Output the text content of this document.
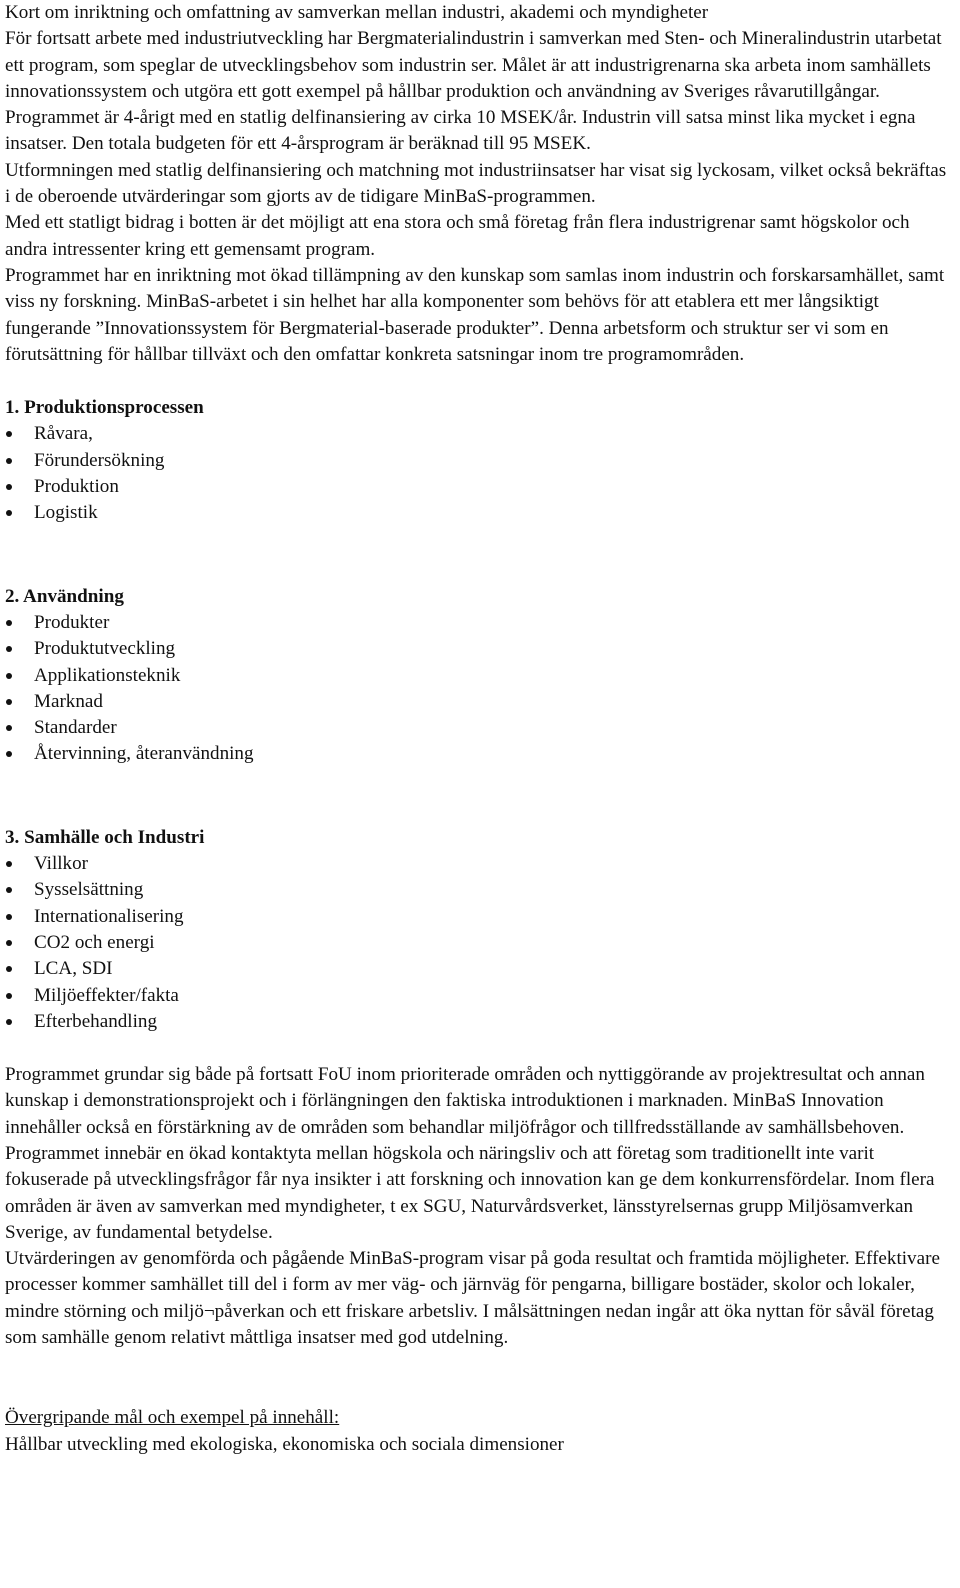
Kort om inriktning och omfattning av samverkan mellan industri, akademi och myndigheter

För fortsatt arbete med industriutveckling har Bergmaterialindustrin i samverkan med Sten- och Mineralindustrin utarbetat ett program, som speglar de utvecklingsbehov som industrin ser. Målet är att industrigrenarna ska arbeta inom samhällets innovationssystem och utgöra ett gott exempel på hållbar produktion och användning av Sveriges råvarutillgångar.

Programmet är 4-årigt med en statlig delfinansiering av cirka 10 MSEK/år. Industrin vill satsa minst lika mycket i egna insatser. Den totala budgeten för ett 4-årsprogram är beräknad till 95 MSEK.

Utformningen med statlig delfinansiering och matchning mot industriinsatser har visat sig lyckosam, vilket också bekräftas i de oberoende utvärderingar som gjorts av de tidigare MinBaS-programmen.

Med ett statligt bidrag i botten är det möjligt att ena stora och små företag från flera industrigrenar samt högskolor och andra intressenter kring ett gemensamt program.

Programmet har en inriktning mot ökad tillämpning av den kunskap som samlas inom industrin och forskarsamhället, samt viss ny forskning. MinBaS-arbetet i sin helhet har alla komponenter som behövs för att etablera ett mer långsiktigt fungerande ”Innovationssystem för Bergmaterial-baserade produkter”. Denna arbetsform och struktur ser vi som en förutsättning för hållbar tillväxt och den omfattar konkreta satsningar inom tre programområden.

1. Produktionsprocessen

Råvara,
Förundersökning
Produktion
Logistik

2. Användning

Produkter
Produktutveckling
Applikationsteknik
Marknad
Standarder
Återvinning, återanvändning

3. Samhälle och Industri

Villkor
Sysselsättning
Internationalisering
CO2 och energi
LCA, SDI
Miljöeffekter/fakta
Efterbehandling

Programmet grundar sig både på fortsatt FoU inom prioriterade områden och nyttiggörande av projektresultat och annan kunskap i demonstrationsprojekt och i förlängningen den faktiska introduktionen i marknaden. MinBaS Innovation innehåller också en förstärkning av de områden som behandlar miljöfrågor och tillfredsställande av samhällsbehoven. Programmet innebär en ökad kontaktyta mellan högskola och näringsliv och att företag som traditionellt inte varit fokuserade på utvecklingsfrågor får nya insikter i att forskning och innovation kan ge dem konkurrensfördelar. Inom flera områden är även av samverkan med myndigheter, t ex SGU, Naturvårdsverket, länsstyrelsernas grupp Miljösamverkan Sverige, av fundamental betydelse.

Utvärderingen av genomförda och pågående MinBaS-program visar på goda resultat och framtida möjligheter. Effektivare processer kommer samhället till del i form av mer väg- och järnväg för pengarna, billigare bostäder, skolor och lokaler, mindre störning och miljö¬påverkan och ett friskare arbetsliv. I målsättningen nedan ingår att öka nyttan för såväl företag som samhälle genom relativt måttliga insatser med god utdelning.

Övergripande mål och exempel på innehåll:

Hållbar utveckling med ekologiska, ekonomiska och sociala dimensioner
